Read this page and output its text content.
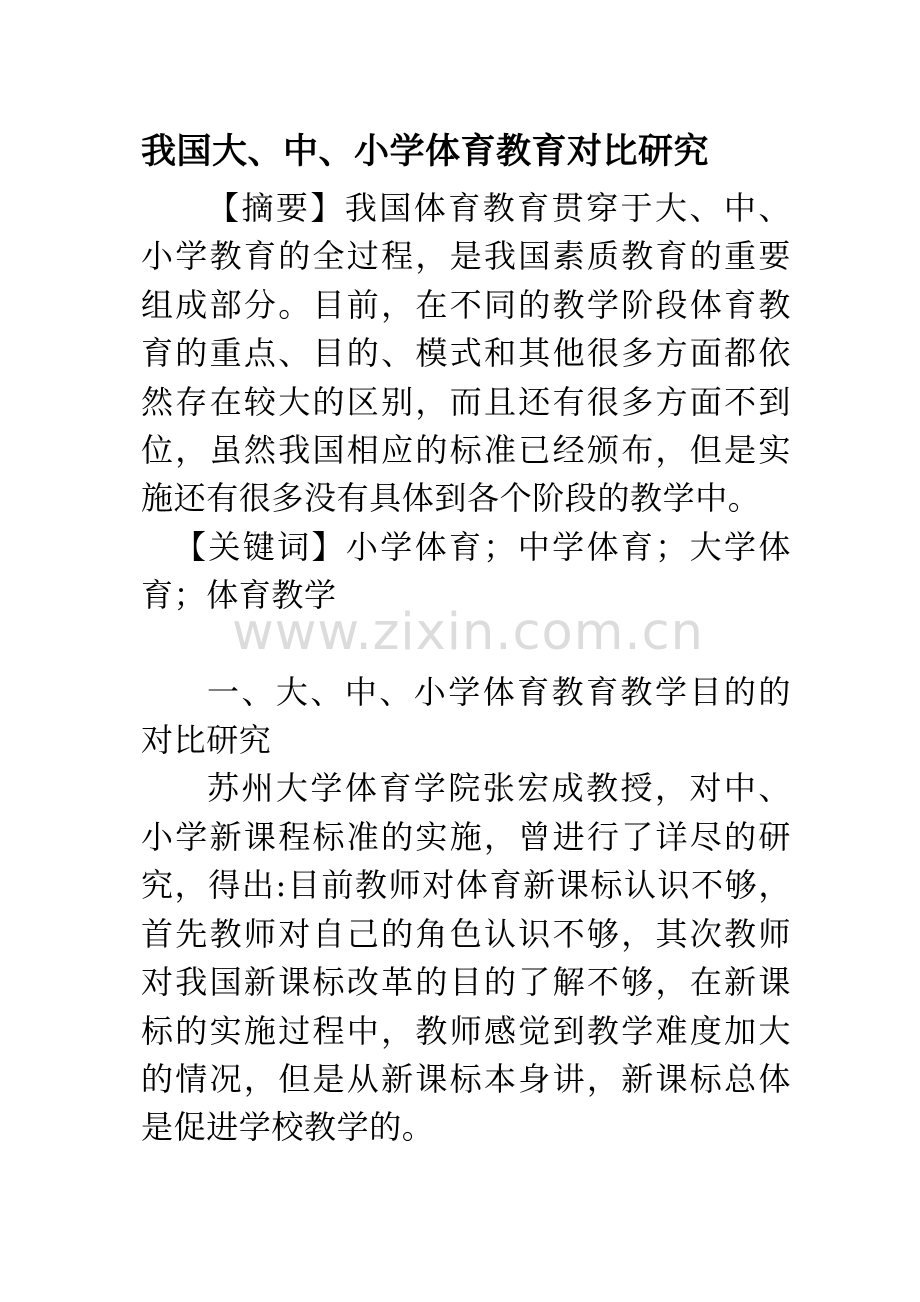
我国大、中、小学体育教育对比研究

【摘要】我国体育教育贯穿于大、中、小学教育的全过程，是我国素质教育的重要组成部分。目前，在不同的教学阶段体育教育的重点、目的、模式和其他很多方面都依然存在较大的区别，而且还有很多方面不到位，虽然我国相应的标准已经颁布，但是实施还有很多没有具体到各个阶段的教学中。

【关键词】小学体育；中学体育；大学体育；体育教学

一、大、中、小学体育教育教学目的的对比研究

苏州大学体育学院张宏成教授，对中、小学新课程标准的实施，曾进行了详尽的研究，得出:目前教师对体育新课标认识不够，首先教师对自己的角色认识不够，其次教师对我国新课标改革的目的了解不够，在新课标的实施过程中，教师感觉到教学难度加大的情况，但是从新课标本身讲，新课标总体是促进学校教学的。

www.zixin.com.cn
